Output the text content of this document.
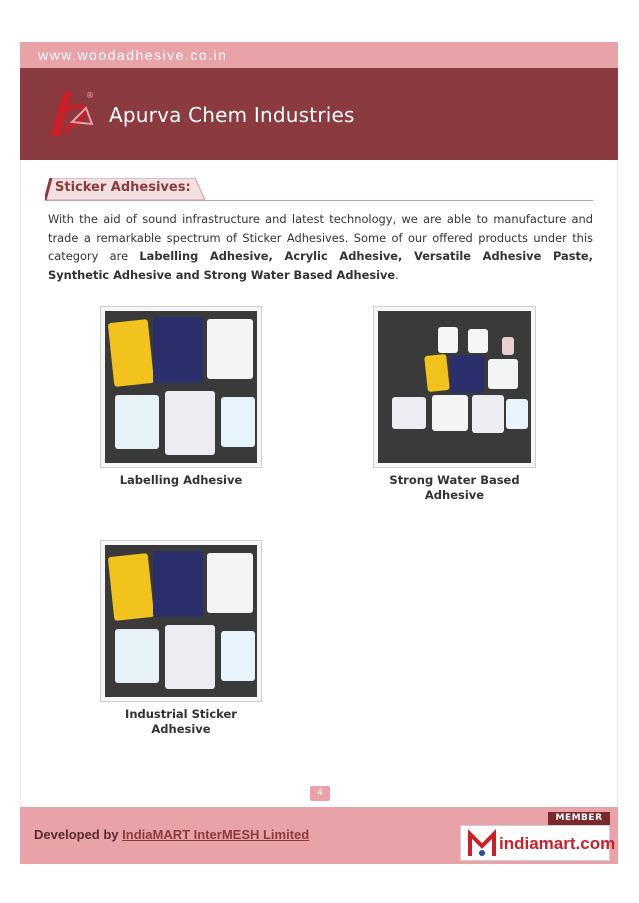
www.woodadhesive.co.in
®
Apurva Chem Industries
Sticker Adhesives:

With the aid of sound infrastructure and latest technology, we are able to manufacture and trade a remarkable spectrum of Sticker Adhesives. Some of our offered products under this category are Labelling Adhesive, Acrylic Adhesive, Versatile Adhesive Paste, Synthetic Adhesive and Strong Water Based Adhesive.

Labelling Adhesive	Strong Water Based Adhesive
Industrial Sticker Adhesive
4
Developed by IndiaMART InterMESH Limited
MEMBER
indiamart.com
